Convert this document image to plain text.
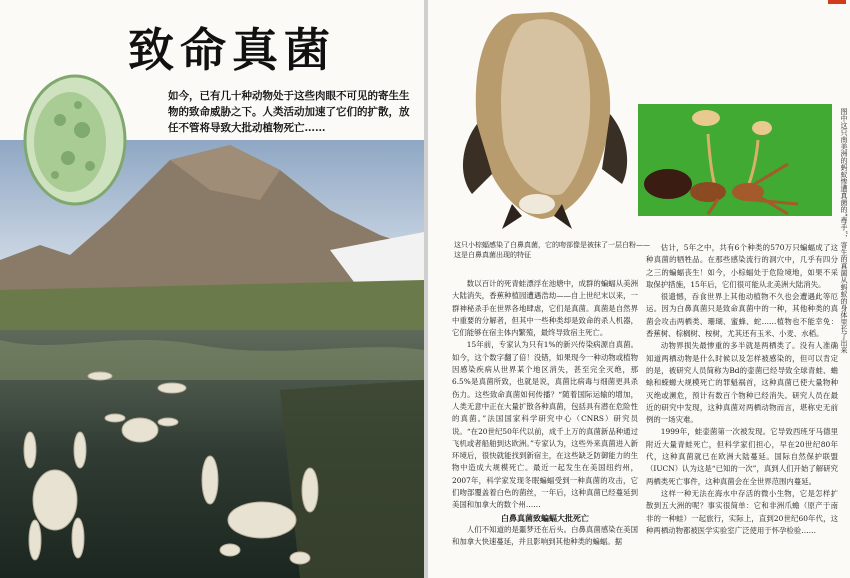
致命真菌
如今，已有几十种动物处于这些肉眼不可见的寄生生物的致命威胁之下。人类活动加速了它们的扩散，放任不管将导致大批动植物死亡……	图中这只南美洲的蚂蚁惨遭真菌的“毒手”，寄生的真菌从蚂蚁的身体里长了出来
这只小棕蝠感染了白鼻真菌，它的吻部像是被抹了一层白粉——这是白鼻真菌出现的特征

数以百计的死青蛙漂浮在池塘中，成群的蝙蝠从美洲大陆消失，香蕉种植园遭遇浩劫——自上世纪末以来，一群神秘杀手在世界各地肆虐，它们是真菌。真菌是自然界中重要的分解者，但其中一些种类却是致命的杀人机器，它们能够在宿主体内繁殖，最终导致宿主死亡。

15年前，专家认为只有1%的新兴传染病源自真菌。如今，这个数字翻了倍！没错，如果现今一种动物或植物因感染疾病从世界某个地区消失，甚至完全灭绝，那6.5%是真菌所致，也就是说，真菌比病毒与细菌更具杀伤力。这些致命真菌如何传播？“随着国际运输的增加，人类无意中正在大量扩散各种真菌，包括具有潜在危险性的真菌。”法国国家科学研究中心（CNRS）研究员说。“在20世纪50年代以前，成千上万的真菌新品种通过飞机或者船舶到达欧洲。”专家认为，这些外来真菌进入新环境后，很快就能找到新宿主，在这些缺乏防御能力的生物中造成大规模死亡。最近一起发生在美国纽约州，2007年，科学家发现冬眠蝙蝠受到一种真菌的攻击，它们吻部覆盖着白色的菌丝，一年后，这种真菌已经蔓延到美国和加拿大的数个州……

白鼻真菌致蝙蝠大批死亡

人们不知道的是噩梦还在后头。白鼻真菌感染在美国和加拿大快速蔓延，并且影响到其他种类的蝙蝠。据

估计，5年之中，共有6个种类的570万只蝙蝠成了这种真菌的牺牲品。在那些感染流行的洞穴中，几乎有四分之三的蝙蝠丧生！如今，小棕蝠处于危险境地，如果不采取保护措施，15年后，它们很可能从北美洲大陆消失。

很遗憾，吞食世界上其他动植物不久也会遭遇此等厄运。因为白鼻真菌只是致命真菌中的一种，其他种类的真菌会攻击两栖类、珊瑚、蜜蜂、蛇……植物也不能幸免：香蕉树、棕榈树、桉树，尤其还有玉米、小麦、水稻。

动物界损失最惨重的多半就是两栖类了。没有人准确知道两栖动物是什么时候以及怎样被感染的，但可以肯定的是，被研究人员简称为Bd的壶菌已经导致全球青蛙、蟾蜍和蝾螈大规模死亡的罪魁祸首，这种真菌已使大量物种灭绝或濒危，预计有数百个物种已经消失。研究人员在最近的研究中发现，这种真菌对两栖动物而言，堪称史无前例的一场灾难。

1999年，蛙壶菌第一次被发现。它导致西班牙马德里附近大量青蛙死亡，但科学家们担心，早在20世纪80年代，这种真菌就已在欧洲大陆蔓延。国际自然保护联盟（IUCN）认为这是“已知的一次”，真到人们开始了解研究两栖类死亡事件，这种真菌会在全世界范围内蔓延。

这样一种无法在海水中存活的微小生物，它是怎样扩散到五大洲的呢？事实很简单：它和非洲爪蟾（原产于南非的一种蛙）一起旅行，实际上，直到20世纪60年代，这种两栖动物都被医学实验室广泛使用于怀孕检验……
